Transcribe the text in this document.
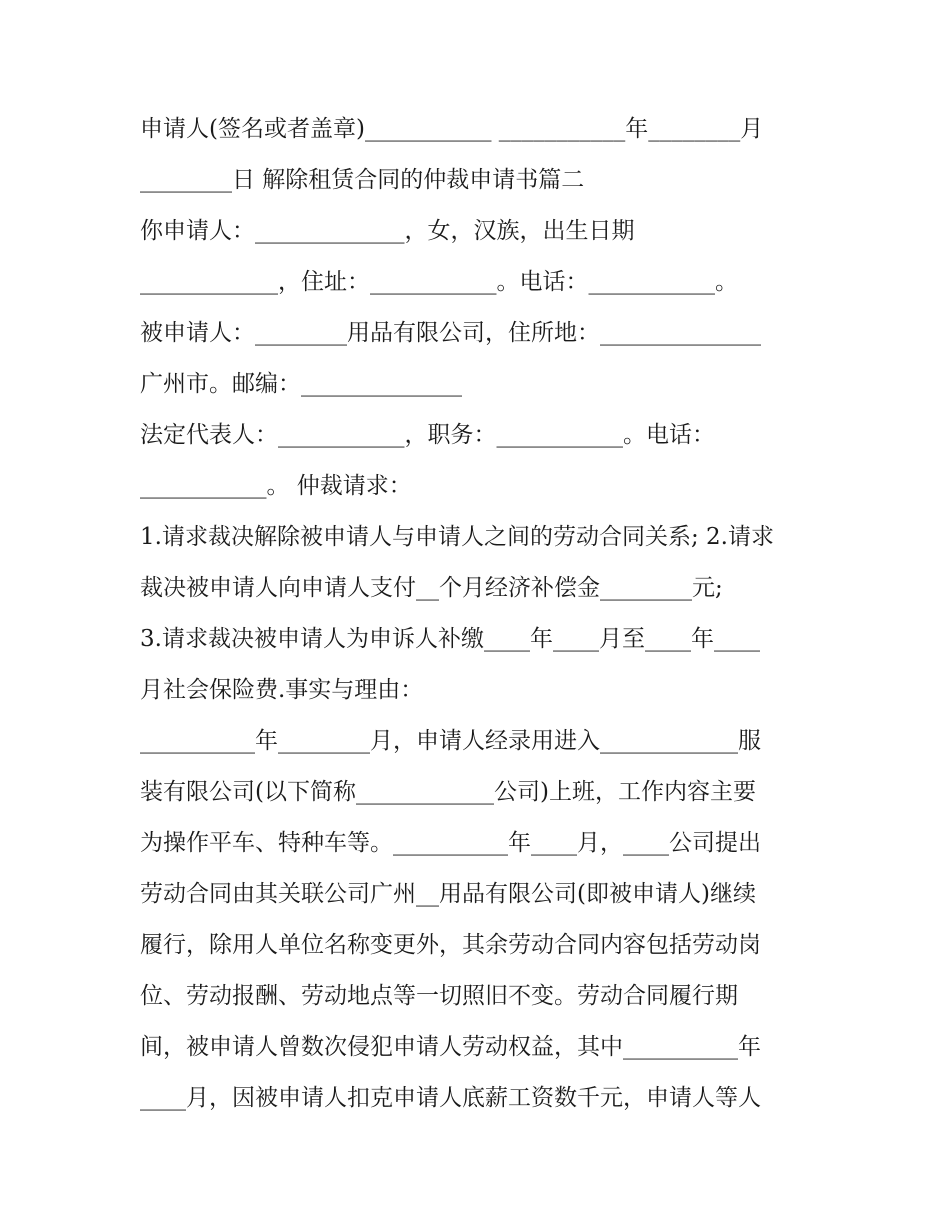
申请人(签名或者盖章)___________ ___________年________月
________日 解除租赁合同的仲裁申请书篇二
你申请人：_____________，女，汉族，出生日期
____________，住址：___________。电话：___________。
被申请人：________用品有限公司，住所地：______________
广州市。邮编：______________
法定代表人：___________，职务：___________。电话：
___________。 仲裁请求：
1.请求裁决解除被申请人与申请人之间的劳动合同关系; 2.请求
裁决被申请人向申请人支付__个月经济补偿金________元;
3.请求裁决被申请人为申诉人补缴____年____月至____年____
月社会保险费.事实与理由：
__________年________月，申请人经录用进入____________服
装有限公司(以下简称____________公司)上班，工作内容主要
为操作平车、特种车等。__________年____月，____公司提出
劳动合同由其关联公司广州__用品有限公司(即被申请人)继续
履行，除用人单位名称变更外，其余劳动合同内容包括劳动岗
位、劳动报酬、劳动地点等一切照旧不变。劳动合同履行期
间，被申请人曾数次侵犯申请人劳动权益，其中__________年
____月，因被申请人扣克申请人底薪工资数千元，申请人等人
